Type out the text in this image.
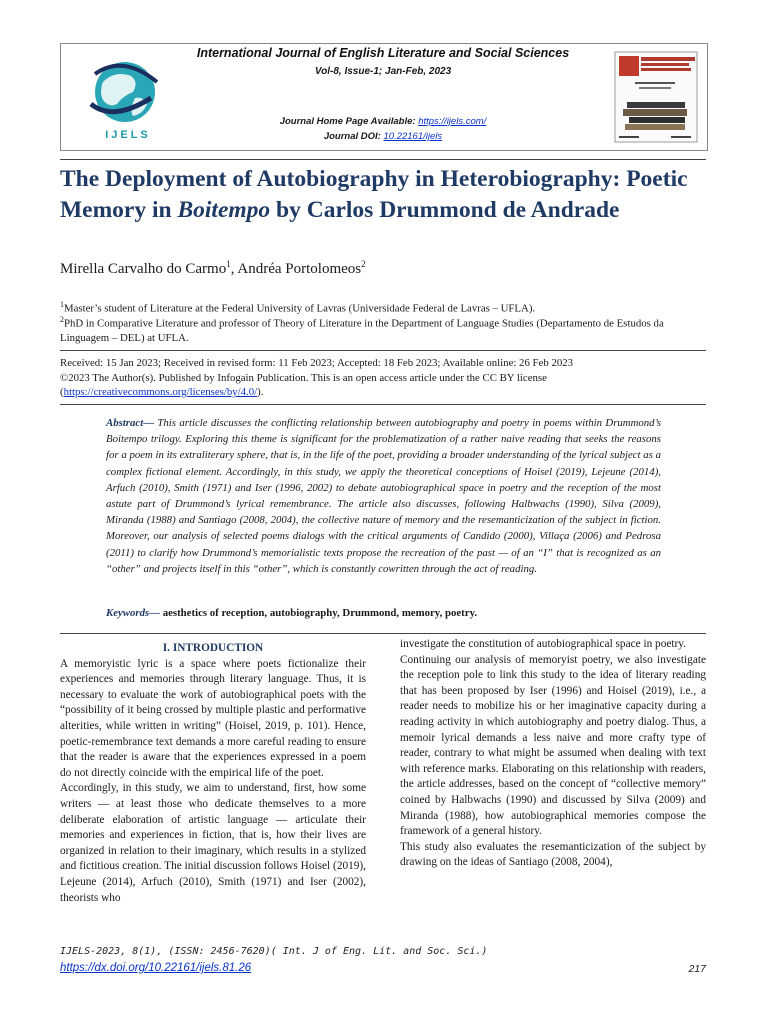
IJELS
International Journal of English Literature and Social Sciences
Vol-8, Issue-1; Jan-Feb, 2023
Journal Home Page Available: https://ijels.com/
Journal DOI: 10.22161/ijels
The Deployment of Autobiography in Heterobiography: Poetic Memory in Boitempo by Carlos Drummond de Andrade
Mirella Carvalho do Carmo$^1$, Andréa Portolomeos$^2$
$^1$Master’s student of Literature at the Federal University of Lavras (Universidade Federal de Lavras – UFLA).
$^2$PhD in Comparative Literature and professor of Theory of Literature in the Department of Language Studies (Departamento de Estudos da Linguagem – DEL) at UFLA.
Received: 15 Jan 2023; Received in revised form: 11 Feb 2023; Accepted: 18 Feb 2023; Available online: 26 Feb 2023
©2023 The Author(s). Published by Infogain Publication. This is an open access article under the CC BY license
(https://creativecommons.org/licenses/by/4.0/).

Abstract— This article discusses the conflicting relationship between autobiography and poetry in poems within Drummond’s Boitempo trilogy. Exploring this theme is significant for the problematization of a rather naive reading that seeks the reasons for a poem in its extraliterary sphere, that is, in the life of the poet, providing a broader understanding of the lyrical subject as a complex fictional element. Accordingly, in this study, we apply the theoretical conceptions of Hoisel (2019), Lejeune (2014), Arfuch (2010), Smith (1971) and Iser (1996, 2002) to debate autobiographical space in poetry and the reception of the most astute part of Drummond’s lyrical remembrance. The article also discusses, following Halbwachs (1990), Silva (2009), Miranda (1988) and Santiago (2008, 2004), the collective nature of memory and the resemanticization of the subject in fiction. Moreover, our analysis of selected poems dialogs with the critical arguments of Candido (2000), Villaça (2006) and Pedrosa (2011) to clarify how Drummond’s memorialistic texts propose the recreation of the past — of an “I” that is recognized as an “other” and projects itself in this “other”, which is constantly cowritten through the act of reading.

Keywords— aesthetics of reception, autobiography, Drummond, memory, poetry.

I. INTRODUCTION

A memoryistic lyric is a space where poets fictionalize their experiences and memories through literary language. Thus, it is necessary to evaluate the work of autobiographical poets with the “possibility of it being crossed by multiple plastic and performative alterities, while written in writing” (Hoisel, 2019, p. 101). Hence, poetic-remembrance text demands a more careful reading to ensure that the reader is aware that the experiences expressed in a poem do not directly coincide with the empirical life of the poet.

Accordingly, in this study, we aim to understand, first, how some writers — at least those who dedicate themselves to a more deliberate elaboration of artistic language — articulate their memories and experiences in fiction, that is, how their lives are organized in relation to their imaginary, which results in a stylized and fictitious creation. The initial discussion follows Hoisel (2019), Lejeune (2014), Arfuch (2010), Smith (1971) and Iser (2002), theorists who

investigate the constitution of autobiographical space in poetry.

Continuing our analysis of memoryist poetry, we also investigate the reception pole to link this study to the idea of literary reading that has been proposed by Iser (1996) and Hoisel (2019), i.e., a reader needs to mobilize his or her imaginative capacity during a reading activity in which autobiography and poetry dialog. Thus, a memoir lyrical demands a less naive and more crafty type of reader, contrary to what might be assumed when dealing with text with reference marks. Elaborating on this relationship with readers, the article addresses, based on the concept of “collective memory” coined by Halbwachs (1990) and discussed by Silva (2009) and Miranda (1988), how autobiographical memories compose the framework of a general history.

This study also evaluates the resemanticization of the subject by drawing on the ideas of Santiago (2008, 2004),

IJELS-2023, 8(1), (ISSN: 2456-7620)( Int. J of Eng. Lit. and Soc. Sci.)
https://dx.doi.org/10.22161/ijels.81.26	217
